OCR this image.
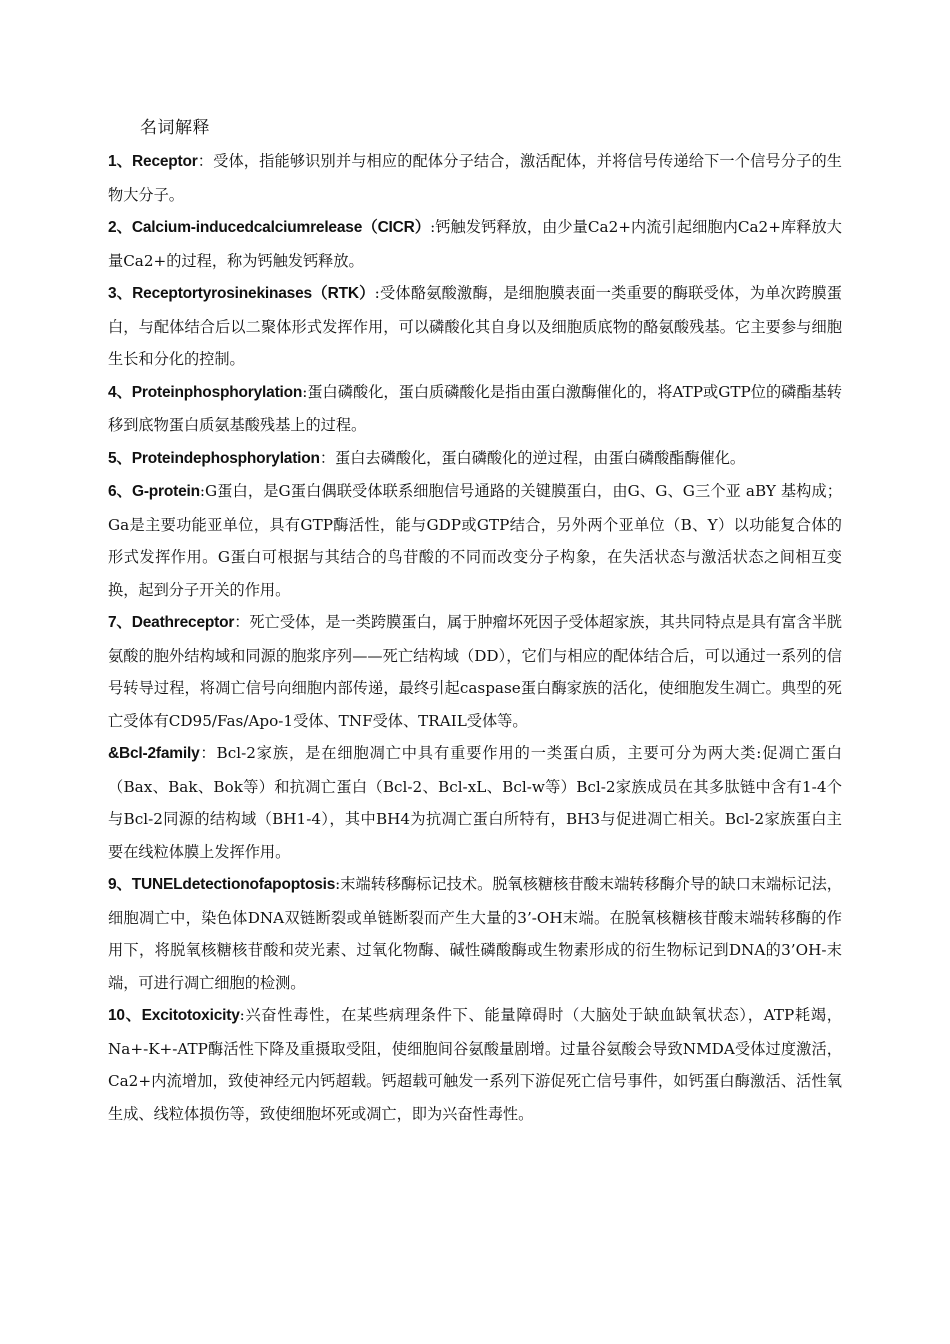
名词解释

1、Receptor：受体，指能够识别并与相应的配体分子结合，激活配体，并将信号传递给下一个信号分子的生物大分子。

2、Calcium-inducedcalciumrelease（CICR）:钙触发钙释放，由少量Ca2+内流引起细胞内Ca2+库释放大量Ca2+的过程，称为钙触发钙释放。

3、Receptortyrosinekinases（RTK）:受体酪氨酸激酶，是细胞膜表面一类重要的酶联受体，为单次跨膜蛋白，与配体结合后以二聚体形式发挥作用，可以磷酸化其自身以及细胞质底物的酪氨酸残基。它主要参与细胞生长和分化的控制。

4、Proteinphosphorylation:蛋白磷酸化，蛋白质磷酸化是指由蛋白激酶催化的，将ATP或GTP位的磷酯基转移到底物蛋白质氨基酸残基上的过程。

5、Proteindephosphorylation：蛋白去磷酸化，蛋白磷酸化的逆过程，由蛋白磷酸酯酶催化。

6、G-protein:G蛋白，是G蛋白偶联受体联系细胞信号通路的关键膜蛋白，由G、G、G三个亚 aBY 基构成；Ga是主要功能亚单位，具有GTP酶活性，能与GDP或GTP结合，另外两个亚单位（B、Y）以功能复合体的形式发挥作用。G蛋白可根据与其结合的鸟苷酸的不同而改变分子构象，在失活状态与激活状态之间相互变换，起到分子开关的作用。

7、Deathreceptor：死亡受体，是一类跨膜蛋白，属于肿瘤坏死因子受体超家族，其共同特点是具有富含半胱氨酸的胞外结构域和同源的胞浆序列——死亡结构域（DD），它们与相应的配体结合后，可以通过一系列的信号转导过程，将凋亡信号向细胞内部传递，最终引起caspase蛋白酶家族的活化，使细胞发生凋亡。典型的死亡受体有CD95/Fas/Apo-1受体、TNF受体、TRAIL受体等。

&Bcl-2family：Bcl-2家族，是在细胞凋亡中具有重要作用的一类蛋白质，主要可分为两大类:促凋亡蛋白（Bax、Bak、Bok等）和抗凋亡蛋白（Bcl-2、Bcl-xL、Bcl-w等）Bcl-2家族成员在其多肽链中含有1-4个与Bcl-2同源的结构域（BH1-4），其中BH4为抗凋亡蛋白所特有，BH3与促进凋亡相关。Bcl-2家族蛋白主要在线粒体膜上发挥作用。

9、TUNELdetectionofapoptosis:末端转移酶标记技术。脱氧核糖核苷酸末端转移酶介导的缺口末端标记法，细胞凋亡中，染色体DNA双链断裂或单链断裂而产生大量的3’-OH末端。在脱氧核糖核苷酸末端转移酶的作用下，将脱氧核糖核苷酸和荧光素、过氧化物酶、碱性磷酸酶或生物素形成的衍生物标记到DNA的3’OH-末端，可进行凋亡细胞的检测。

10、Excitotoxicity:兴奋性毒性，在某些病理条件下、能量障碍时（大脑处于缺血缺氧状态），ATP耗竭，Na+-K+-ATP酶活性下降及重摄取受阻，使细胞间谷氨酸量剧增。过量谷氨酸会导致NMDA受体过度激活，Ca2+内流增加，致使神经元内钙超载。钙超载可触发一系列下游促死亡信号事件，如钙蛋白酶激活、活性氧生成、线粒体损伤等，致使细胞坏死或凋亡，即为兴奋性毒性。
